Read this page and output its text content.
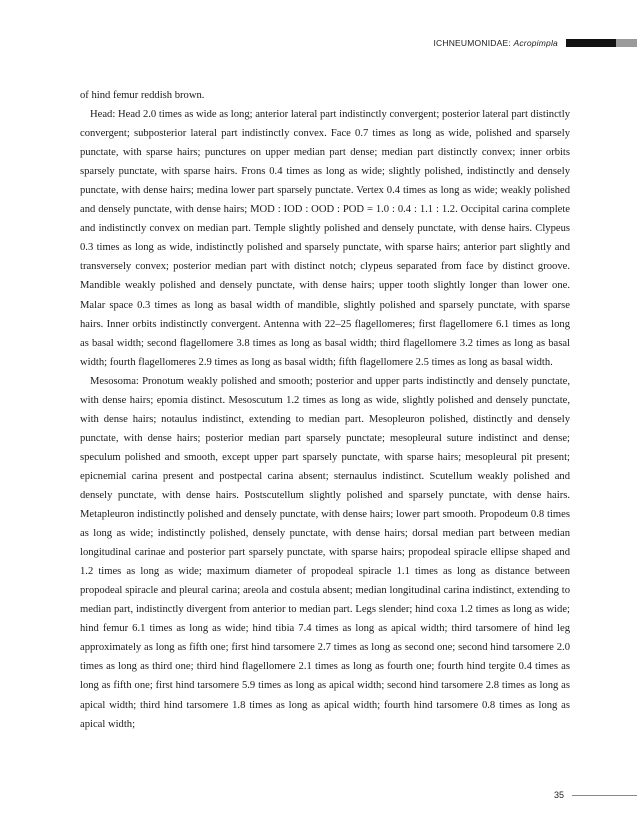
ICHNEUMONIDAE: Acropimpla

of hind femur reddish brown.

Head: Head 2.0 times as wide as long; anterior lateral part indistinctly convergent; posterior lateral part distinctly convergent; subposterior lateral part indistinctly convex. Face 0.7 times as long as wide, polished and sparsely punctate, with sparse hairs; punctures on upper median part dense; median part distinctly convex; inner orbits sparsely punctate, with sparse hairs. Frons 0.4 times as long as wide; slightly polished, indistinctly and densely punctate, with dense hairs; medina lower part sparsely punctate. Vertex 0.4 times as long as wide; weakly polished and densely punctate, with dense hairs; MOD : IOD : OOD : POD = 1.0 : 0.4 : 1.1 : 1.2. Occipital carina complete and indistinctly convex on median part. Temple slightly polished and densely punctate, with dense hairs. Clypeus 0.3 times as long as wide, indistinctly polished and sparsely punctate, with sparse hairs; anterior part slightly and transversely convex; posterior median part with distinct notch; clypeus separated from face by distinct groove. Mandible weakly polished and densely punctate, with dense hairs; upper tooth slightly longer than lower one. Malar space 0.3 times as long as basal width of mandible, slightly polished and sparsely punctate, with sparse hairs. Inner orbits indistinctly convergent. Antenna with 22–25 flagellomeres; first flagellomere 6.1 times as long as basal width; second flagellomere 3.8 times as long as basal width; third flagellomere 3.2 times as long as basal width; fourth flagellomeres 2.9 times as long as basal width; fifth flagellomere 2.5 times as long as basal width.

Mesosoma: Pronotum weakly polished and smooth; posterior and upper parts indistinctly and densely punctate, with dense hairs; epomia distinct. Mesoscutum 1.2 times as long as wide, slightly polished and densely punctate, with dense hairs; notaulus indistinct, extending to median part. Mesopleuron polished, distinctly and densely punctate, with dense hairs; posterior median part sparsely punctate; mesopleural suture indistinct and dense; speculum polished and smooth, except upper part sparsely punctate, with sparse hairs; mesopleural pit present; epicnemial carina present and postpectal carina absent; sternaulus indistinct. Scutellum weakly polished and densely punctate, with dense hairs. Postscutellum slightly polished and sparsely punctate, with dense hairs. Metapleuron indistinctly polished and densely punctate, with dense hairs; lower part smooth. Propodeum 0.8 times as long as wide; indistinctly polished, densely punctate, with dense hairs; dorsal median part between median longitudinal carinae and posterior part sparsely punctate, with sparse hairs; propodeal spiracle ellipse shaped and 1.2 times as long as wide; maximum diameter of propodeal spiracle 1.1 times as long as distance between propodeal spiracle and pleural carina; areola and costula absent; median longitudinal carina indistinct, extending to median part, indistinctly divergent from anterior to median part. Legs slender; hind coxa 1.2 times as long as wide; hind femur 6.1 times as long as wide; hind tibia 7.4 times as long as apical width; third tarsomere of hind leg approximately as long as fifth one; first hind tarsomere 2.7 times as long as second one; second hind tarsomere 2.0 times as long as third one; third hind flagellomere 2.1 times as long as fourth one; fourth hind tergite 0.4 times as long as fifth one; first hind tarsomere 5.9 times as long as apical width; second hind tarsomere 2.8 times as long as apical width; third hind tarsomere 1.8 times as long as apical width; fourth hind tarsomere 0.8 times as long as apical width;

35
